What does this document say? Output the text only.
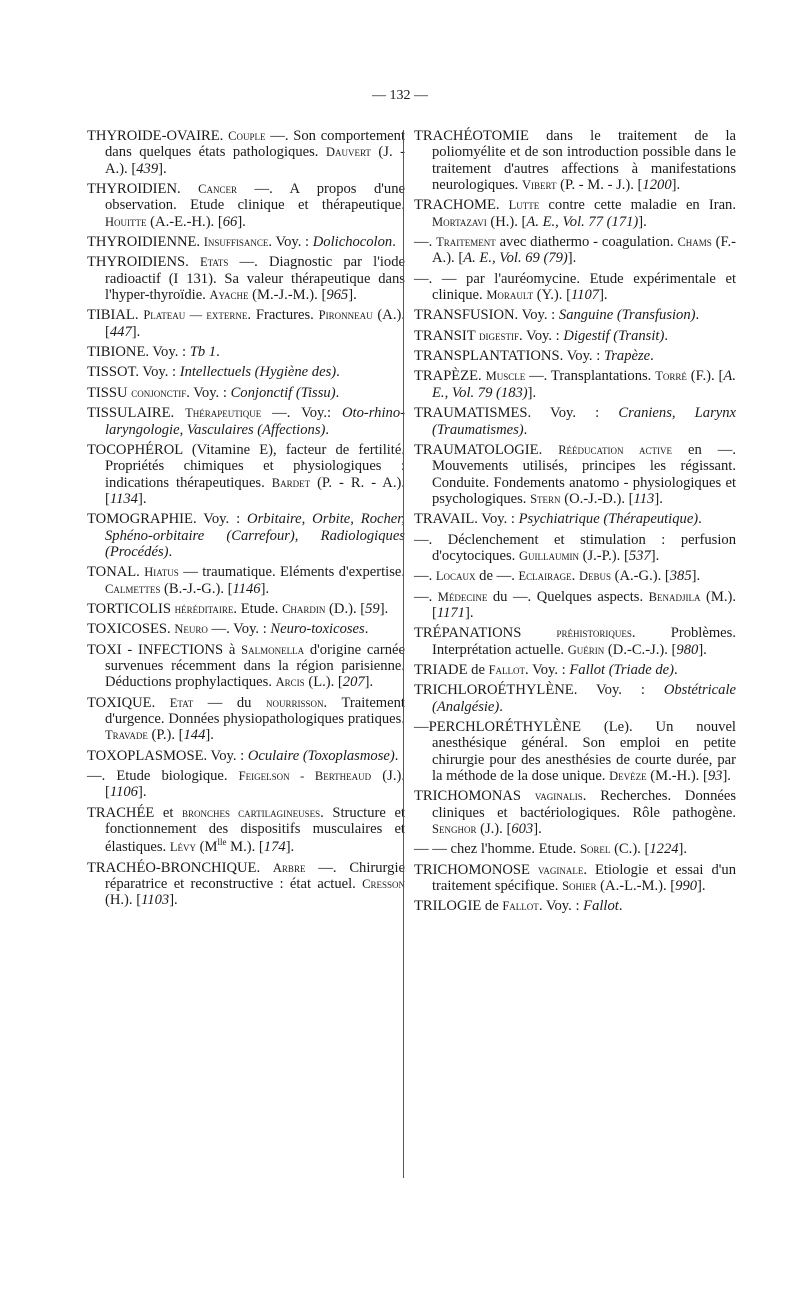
— 132 —
THYROIDE-OVAIRE. Couple —. Son comportement dans quelques états pathologiques. Dauvert (J. - A.). [439].
THYROIDIEN. Cancer —. A propos d'une observation. Etude clinique et thérapeutique. Houitte (A.-E.-H.). [66].
THYROIDIENNE. Insuffisance. Voy. : Dolichocolon.
THYROIDIENS. Etats —. Diagnostic par l'iode radioactif (I 131). Sa valeur thérapeutique dans l'hyper-thyroïdie. Ayache (M.-J.-M.). [965].
TIBIAL. Plateau — externe. Fractures. Pironneau (A.). [447].
TIBIONE. Voy. : Tb 1.
TISSOT. Voy. : Intellectuels (Hygiène des).
TISSU conjonctif. Voy. : Conjonctif (Tissu).
TISSULAIRE. Thérapeutique —. Voy.: Oto-rhino-laryngologie, Vasculaires (Affections).
TOCOPHÉROL (Vitamine E), facteur de fertilité. Propriétés chimiques et physiologiques : indications thérapeutiques. Bardet (P. - R. - A.). [1134].
TOMOGRAPHIE. Voy. : Orbitaire, Orbite, Rocher, Sphéno-orbitaire (Carrefour), Radiologiques (Procédés).
TONAL. Hiatus — traumatique. Eléments d'expertise. Calmettes (B.-J.-G.). [1146].
TORTICOLIS héréditaire. Etude. Chardin (D.). [59].
TOXICOSES. Neuro —. Voy. : Neuro-toxicoses.
TOXI - INFECTIONS à Salmonella d'origine carnée survenues récemment dans la région parisienne. Déductions prophylactiques. Arcis (L.). [207].
TOXIQUE. Etat — du nourrisson. Traitement d'urgence. Données physiopathologiques pratiques. Travade (P.). [144].
TOXOPLASMOSE. Voy. : Oculaire (Toxoplasmose).
—. Etude biologique. Feigelson - Bertheaud (J.). [1106].
TRACHÉE et bronches cartilagineuses. Structure et fonctionnement des dispositifs musculaires et élastiques. Lévy ($M^{lle}$ M.). [174].
TRACHÉO-BRONCHIQUE. Arbre —. Chirurgie réparatrice et reconstructive : état actuel. Cresson (H.). [1103].
TRACHÉOTOMIE dans le traitement de la poliomyélite et de son introduction possible dans le traitement d'autres affections à manifestations neurologiques. Vibert (P. - M. - J.). [1200].
TRACHOME. Lutte contre cette maladie en Iran. Mortazavi (H.). [A. E., Vol. 77 (171)].
—. Traitement avec diathermo - coagulation. Chams (F.-A.). [A. E., Vol. 69 (79)].
—. — par l'auréomycine. Etude expérimentale et clinique. Morault (Y.). [1107].
TRANSFUSION. Voy. : Sanguine (Transfusion).
TRANSIT digestif. Voy. : Digestif (Transit).
TRANSPLANTATIONS. Voy. : Trapèze.
TRAPÈZE. Muscle —. Transplantations. Torré (F.). [A. E., Vol. 79 (183)].
TRAUMATISMES. Voy. : Craniens, Larynx (Traumatismes).
TRAUMATOLOGIE. Rééducation active en —. Mouvements utilisés, principes les régissant. Conduite. Fondements anatomo - physiologiques et psychologiques. Stern (O.-J.-D.). [113].
TRAVAIL. Voy. : Psychiatrique (Thérapeutique).
—. Déclenchement et stimulation : perfusion d'ocytociques. Guillaumin (J.-P.). [537].
—. Locaux de —. Eclairage. Debus (A.-G.). [385].
—. Médecine du —. Quelques aspects. Benadjila (M.). [1171].
TRÉPANATIONS préhistoriques. Problèmes. Interprétation actuelle. Guérin (D.-C.-J.). [980].
TRIADE de Fallot. Voy. : Fallot (Triade de).
TRICHLOROÉTHYLÈNE. Voy. : Obstétricale (Analgésie).
—PERCHLORÉTHYLÈNE (Le). Un nouvel anesthésique général. Son emploi en petite chirurgie pour des anesthésies de courte durée, par la méthode de la dose unique. Devèze (M.-H.). [93].
TRICHOMONAS vaginalis. Recherches. Données cliniques et bactériologiques. Rôle pathogène. Senghor (J.). [603].
— — chez l'homme. Etude. Sorel (C.). [1224].
TRICHOMONOSE vaginale. Etiologie et essai d'un traitement spécifique. Sohier (A.-L.-M.). [990].
TRILOGIE de Fallot. Voy. : Fallot.
